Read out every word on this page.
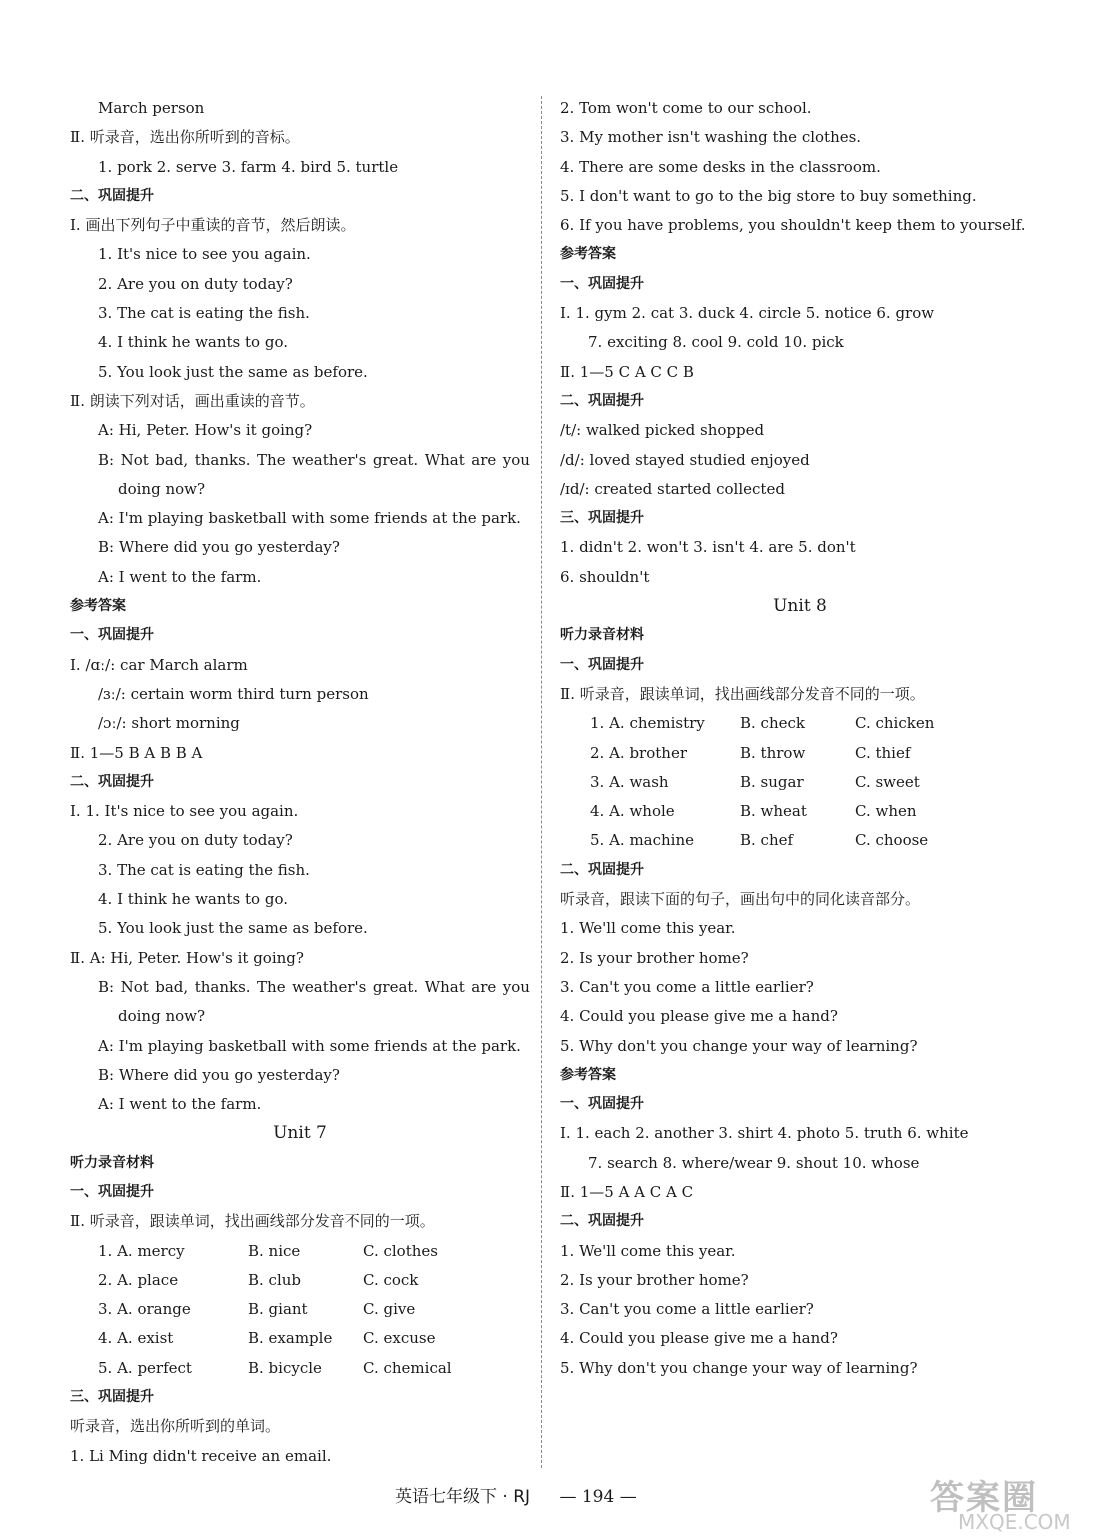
March person
Ⅱ. 听录音，选出你所听到的音标。
1. pork 2. serve 3. farm 4. bird 5. turtle
二、巩固提升
Ⅰ. 画出下列句子中重读的音节，然后朗读。
1. It's nice to see you again.
2. Are you on duty today?
3. The cat is eating the fish.
4. I think he wants to go.
5. You look just the same as before.
Ⅱ. 朗读下列对话，画出重读的音节。
A: Hi, Peter. How's it going?
B: Not bad, thanks. The weather's great. What are you
doing now?
A: I'm playing basketball with some friends at the park.
B: Where did you go yesterday?
A: I went to the farm.
参考答案
一、巩固提升
Ⅰ. /ɑː/: car March alarm
/ɜː/: certain worm third turn person
/ɔː/: short morning
Ⅱ. 1—5 B A B B A
二、巩固提升
Ⅰ. 1. It's nice to see you again.
2. Are you on duty today?
3. The cat is eating the fish.
4. I think he wants to go.
5. You look just the same as before.
Ⅱ. A: Hi, Peter. How's it going?
B: Not bad, thanks. The weather's great. What are you
doing now?
A: I'm playing basketball with some friends at the park.
B: Where did you go yesterday?
A: I went to the farm.
Unit 7
听力录音材料
一、巩固提升
Ⅱ. 听录音，跟读单词，找出画线部分发音不同的一项。
1. A. mercy	B. nice	C. clothes
2. A. place	B. club	C. cock
3. A. orange	B. giant	C. give
4. A. exist	B. example C. excuse
5. A. perfect	B. bicycle	C. chemical
三、巩固提升
听录音，选出你所听到的单词。
1. Li Ming didn't receive an email.
2. Tom won't come to our school.
3. My mother isn't washing the clothes.
4. There are some desks in the classroom.
5. I don't want to go to the big store to buy something.
6. If you have problems, you shouldn't keep them to yourself.
参考答案
一、巩固提升
Ⅰ. 1. gym 2. cat 3. duck 4. circle 5. notice 6. grow
7. exciting 8. cool 9. cold 10. pick
Ⅱ. 1—5 C A C C B
二、巩固提升
/t/: walked picked shopped
/d/: loved stayed studied enjoyed
/ɪd/: created started collected
三、巩固提升
1. didn't 2. won't 3. isn't 4. are 5. don't
6. shouldn't
Unit 8
听力录音材料
一、巩固提升
Ⅱ. 听录音，跟读单词，找出画线部分发音不同的一项。
1. A. chemistry B. check	C. chicken
2. A. brother	B. throw	C. thief
3. A. wash	B. sugar	C. sweet
4. A. whole	B. wheat	C. when
5. A. machine	B. chef	C. choose
二、巩固提升
听录音，跟读下面的句子，画出句中的同化读音部分。
1. We'll come this year.
2. Is your brother home?
3. Can't you come a little earlier?
4. Could you please give me a hand?
5. Why don't you change your way of learning?
参考答案
一、巩固提升
Ⅰ. 1. each 2. another 3. shirt 4. photo 5. truth 6. white
7. search 8. where/wear 9. shout 10. whose
Ⅱ. 1—5 A A C A C
二、巩固提升
1. We'll come this year.
2. Is your brother home?
3. Can't you come a little earlier?
4. Could you please give me a hand?
5. Why don't you change your way of learning?
英语七年级下 · RJ — 194 —	答案圈
MXQE.COM
